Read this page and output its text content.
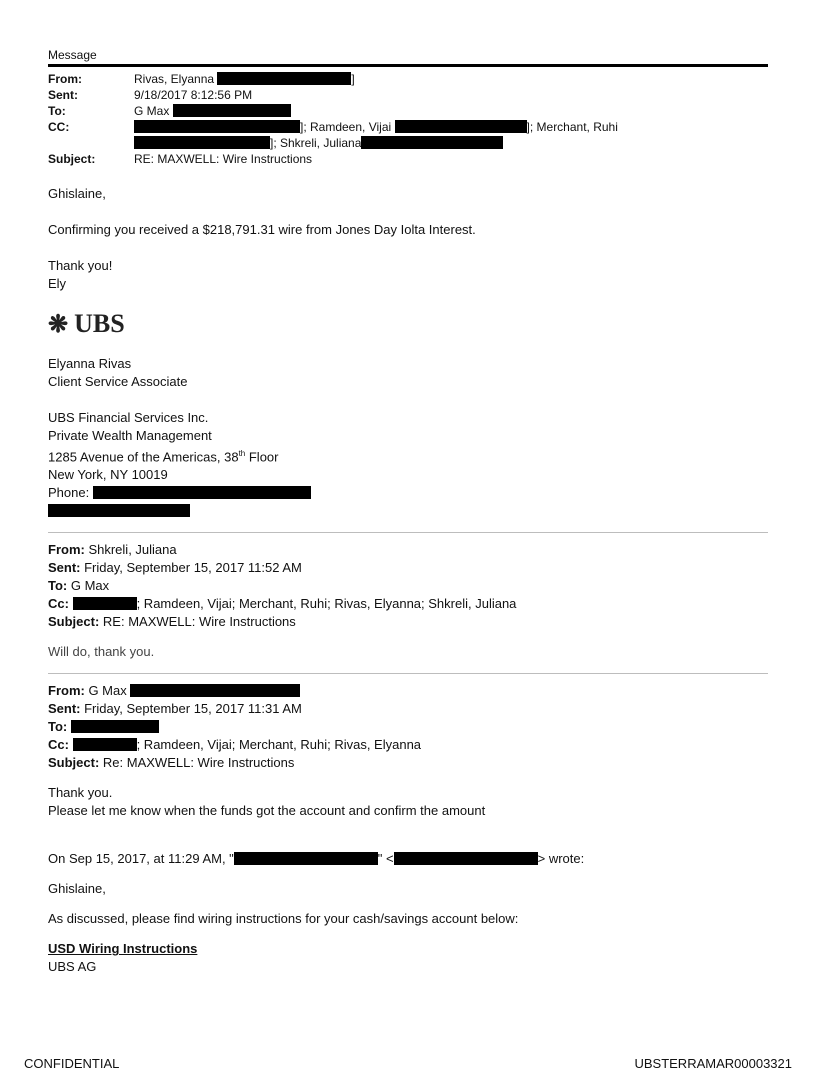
Message
From:	Rivas, Elyanna	]
Sent:	9/18/2017 8:12:56 PM
To:	G Max
CC:	]; Ramdeen, Vijai	]; Merchant, Ruhi
]; Shkreli, Juliana
Subject:	RE: MAXWELL: Wire Instructions

Ghislaine,

Confirming you received a $218,791.31 wire from Jones Day Iolta Interest.

Thank you!

Ely

❋ UBS

Elyanna Rivas

Client Service Associate

UBS Financial Services Inc.

Private Wealth Management

1285 Avenue of the Americas, 38th Floor

New York, NY 10019

Phone:

From: Shkreli, Juliana

Sent: Friday, September 15, 2017 11:52 AM

To: G Max

Cc:	; Ramdeen, Vijai; Merchant, Ruhi; Rivas, Elyanna; Shkreli, Juliana

Subject: RE: MAXWELL: Wire Instructions

Will do, thank you.

From: G Max

Sent: Friday, September 15, 2017 11:31 AM

To:

Cc:	; Ramdeen, Vijai; Merchant, Ruhi; Rivas, Elyanna

Subject: Re: MAXWELL: Wire Instructions

Thank you.

Please let me know when the funds got the account and confirm the amount

On Sep 15, 2017, at 11:29 AM, "	" <	> wrote:

Ghislaine,

As discussed, please find wiring instructions for your cash/savings account below:

USD Wiring Instructions

UBS AG

CONFIDENTIAL	UBSTERRAMAR00003321
